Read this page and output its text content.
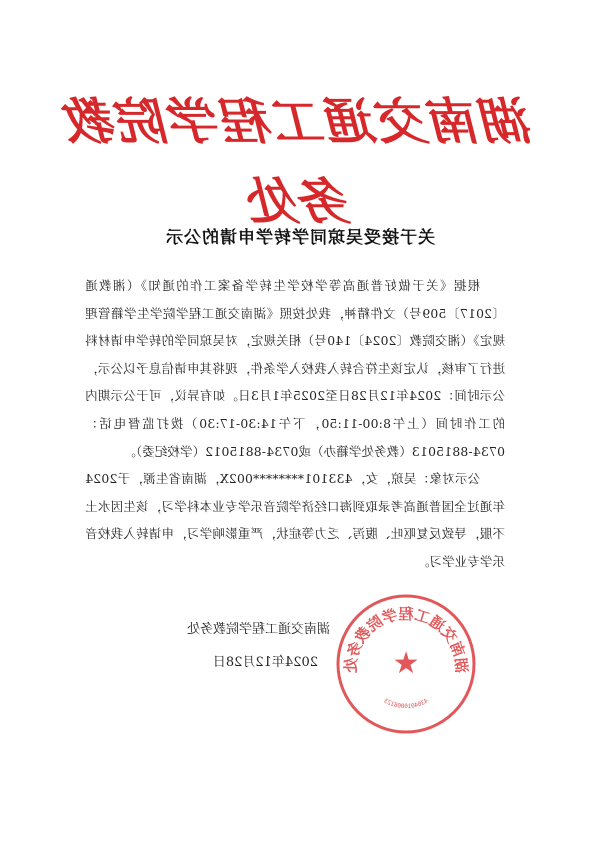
湖南交通工程学院教务处
关于接受吴琼同学转学申请的公示

根据《关于做好普通高等学校学生转学备案工作的通知》（湘教通〔2017〕509号）文件精神，我处按照《湖南交通工程学院学生学籍管理规定》（湘交院教〔2024〕140号）相关规定，对吴琼同学的转学申请材料进行了审核，认定该生符合转入我校入学条件，现将其申请信息予以公示，公示时间：2024年12月28日至2025年1月3日。如有异议，可于公示期内的工作时间（上午8:00-11:50，下午14:30-17:30）拨打监督电话：0734-8815013（教务处学籍办）或0734-8815012（学校纪委）。

公示对象：吴琼，女，433101********002X，湖南省生源，于2024年通过全国普通高考录取到海口经济学院音乐学专业本科学习，该生因水土不服，导致反复呕吐、腹泻、乏力等症状，严重影响学习，申请转入我校音乐学专业学习。

湖南交通工程学院教务处
2024年12月28日	湖南交通工程学院教务处	★
4304010008123
